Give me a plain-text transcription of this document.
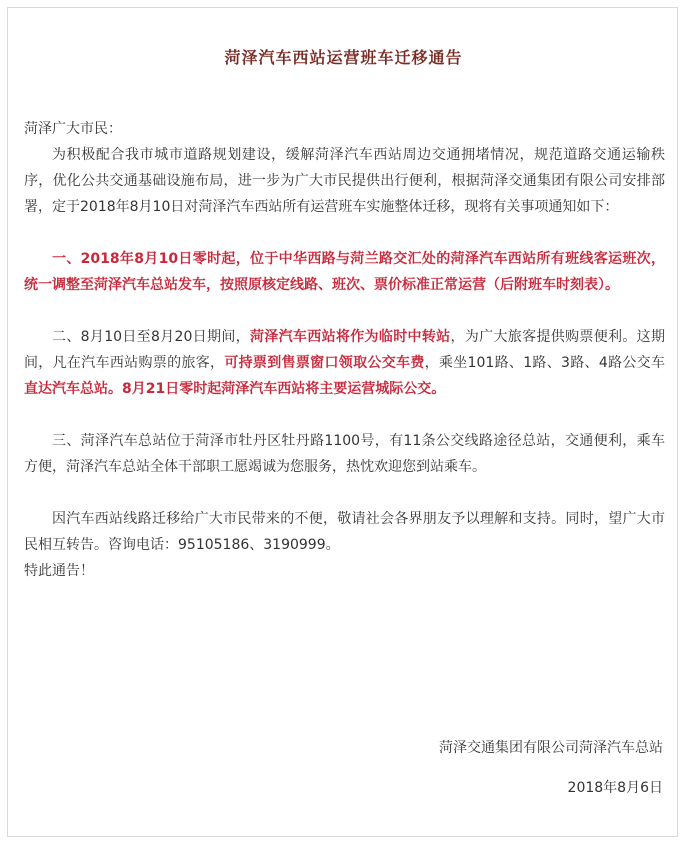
菏泽汽车西站运营班车迁移通告

菏泽广大市民：

为积极配合我市城市道路规划建设，缓解菏泽汽车西站周边交通拥堵情况，规范道路交通运输秩序，优化公共交通基础设施布局，进一步为广大市民提供出行便利，根据菏泽交通集团有限公司安排部署，定于2018年8月10日对菏泽汽车西站所有运营班车实施整体迁移，现将有关事项通知如下：

一、2018年8月10日零时起，位于中华西路与菏兰路交汇处的菏泽汽车西站所有班线客运班次，统一调整至菏泽汽车总站发车，按照原核定线路、班次、票价标准正常运营（后附班车时刻表）。

二、8月10日至8月20日期间，菏泽汽车西站将作为临时中转站，为广大旅客提供购票便利。这期间，凡在汽车西站购票的旅客，可持票到售票窗口领取公交车费，乘坐101路、1路、3路、4路公交车直达汽车总站。8月21日零时起菏泽汽车西站将主要运营城际公交。

三、菏泽汽车总站位于菏泽市牡丹区牡丹路1100号，有11条公交线路途径总站，交通便利，乘车方便，菏泽汽车总站全体干部职工愿竭诚为您服务，热忱欢迎您到站乘车。

因汽车西站线路迁移给广大市民带来的不便，敬请社会各界朋友予以理解和支持。同时，望广大市民相互转告。咨询电话：95105186、3190999。

特此通告！

菏泽交通集团有限公司菏泽汽车总站
2018年8月6日
